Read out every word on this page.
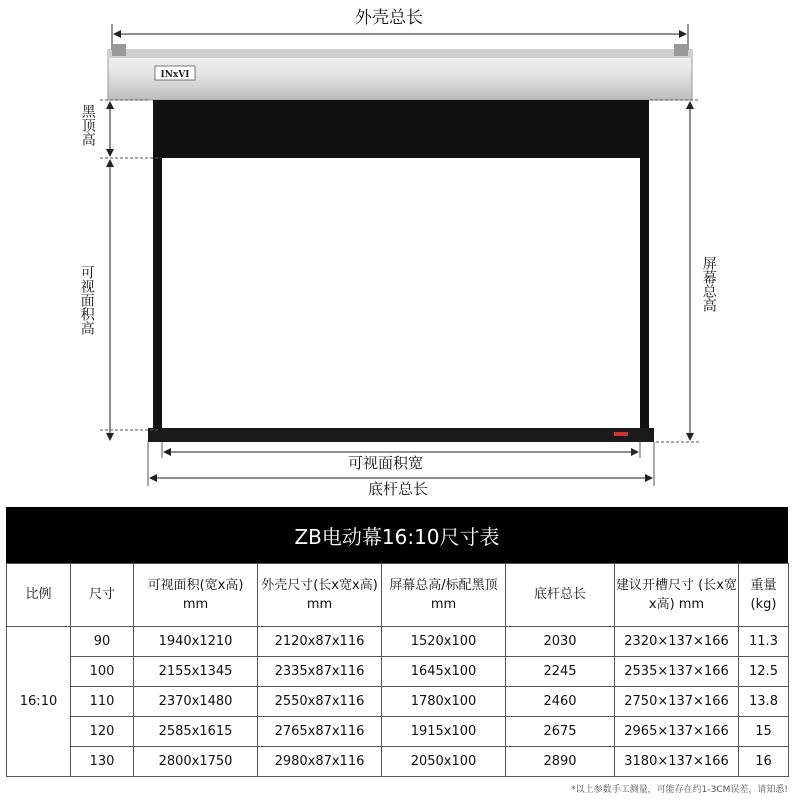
INxVI
外壳总长
黑顶高
可视面积高	屏幕总高
可视面积宽
底杆总长
ZB电动幕16:10尺寸表
比例	尺寸	可视面积(宽x高) mm	外壳尺寸(长x宽x高) mm	屏幕总高/标配黑顶 mm	底杆总长	建议开槽尺寸 (长x宽x高) mm	重量 (kg)
16:10	90	1940x1210	2120x87x116	1520x100	2030	2320×137×166	11.3
	100	2155x1345	2335x87x116	1645x100	2245	2535×137×166	12.5
	110	2370x1480	2550x87x116	1780x100	2460	2750×137×166	13.8
	120	2585x1615	2765x87x116	1915x100	2675	2965×137×166	15
	130	2800x1750	2980x87x116	2050x100	2890	3180×137×166	16
*以上参数手工测量，可能存在约1-3CM误差，请知悉!
